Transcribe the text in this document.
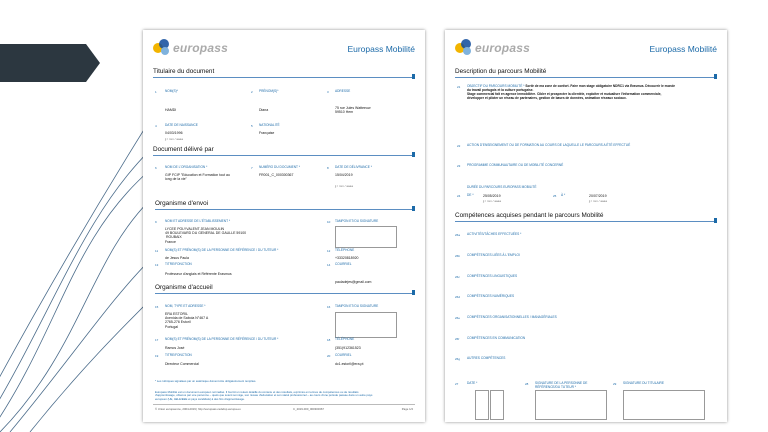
europass	Europass Mobilité
Titulaire du document
1	NOM(S)*
HAMDI
2 PRÉNOM(S)*
Diana
3 ADRESSE
75 rue Jules Watteeuw
59510 Hem
4	DATE DE NAISSANCE
04/03/1996
jj / mm / aaaa
5 NATIONALITÉ
Française
Document délivré par
6	NOM DE L'ORGANISATION *
GIP FCIP "Education et Formation tout au
long de la vie"
7 NUMÉRO DU DOCUMENT *
FR001_C_000300367
8 DATE DE DÉLIVRANCE *
15/04/2019
jj / mm / aaaa
Organisme d'envoi
9	NOM ET ADRESSE DE L'ÉTABLISSEMENT *
LYCEE POLYVALENT JEAN MOULIN
49 BOULEVARD DU GENERAL DE GAULLE 59100
ROUBAIX
France
10 TAMPON ET/OU SIGNATURE
11 NOM(S) ET PRÉNOM(S) DE LA PERSONNE DE RÉFÉRENCE / DU TUTEUR *
de Jesus Paula
12 TÉLÉPHONE
+33320818920
13 TITRE/FONCTION
Professeur d'anglais et Référente Erasmus
14 COURRIEL
pauladejes@gmail.com
Organisme d'accueil
15 NOM, TYPE ET ADRESSE *
ERA ESTORIL
Avenida de Saboia N°467 A
2765-276 Estoril
Portugal
16 TAMPON ET/OU SIGNATURE
17 NOM(S) ET PRÉNOM(S) DE LA PERSONNE DE RÉFÉRENCE / DU TUTEUR *
Ramos José
18 TÉLÉPHONE
(351)912361523
19 TITRE/FONCTION
Directeur Commercial
20 COURRIEL
dc1.estoril@era.pt
* Les rubriques signalées par un astérisque doivent être obligatoirement remplies.
Europass Mobilité est un document européen normalisé. Il fournit un relevé détaillé du contenu et des résultats, exprimés en termes de compétences ou de résultats
d'apprentissage, obtenus par une personne – quels que soient son âge, son niveau d'éducation et son statut professionnel – au cours d'une période passée dans un autre pays
européen (UE, AELE/EEE et pays candidats) à des fins d'apprentissage.
© Union européenne, 2004-2019 | http://europass.cedefop.europa.eu	C_2019-000_000300367	Page 1/2
europass	Europass Mobilité
Description du parcours Mobilité
21 OBJECTIF DU PARCOURS MOBILITÉ * Sortir de ma zone de confort. Faire mon stage obligatoire NDRC1 via Erasmus. Découvrir le monde
du travail portugais et la culture portugaise.
Stage commercial fait en agence immobilière. Cibler et prospecter la clientèle, exploiter et mutualiser l'information commerciale,
développer et piloter un réseau de partenaires, gestion de bases de données, animation réseaux sociaux.
22 ACTION D'ENSEIGNEMENT OU DE FORMATION AU COURS DE LAQUELLE LE PARCOURS A ÉTÉ EFFECTUÉ
23 PROGRAMME COMMUNAUTAIRE OU DE MOBILITÉ CONCERNÉ
DURÉE DU PARCOURS EUROPASS MOBILITÉ
24 DE *	25/05/2019
jj / mm / aaaa
25 À *	20/07/2019
jj / mm / aaaa
Compétences acquises pendant le parcours Mobilité
26a ACTIVITÉS/TÂCHES EFFECTUÉES *
26b COMPÉTENCES LIÉES À L'EMPLOI
26c COMPÉTENCES LINGUISTIQUES
26d COMPÉTENCES NUMÉRIQUES
26e COMPÉTENCES ORGANISATIONNELLES / MANAGÉRIALES
26f COMPÉTENCES EN COMMUNICATION
26g AUTRES COMPÉTENCES
27	DATE *	28 SIGNATURE DE LA PERSONNE DE
RÉFÉRENCE/DU TUTEUR *
29 SIGNATURE DU TITULAIRE
